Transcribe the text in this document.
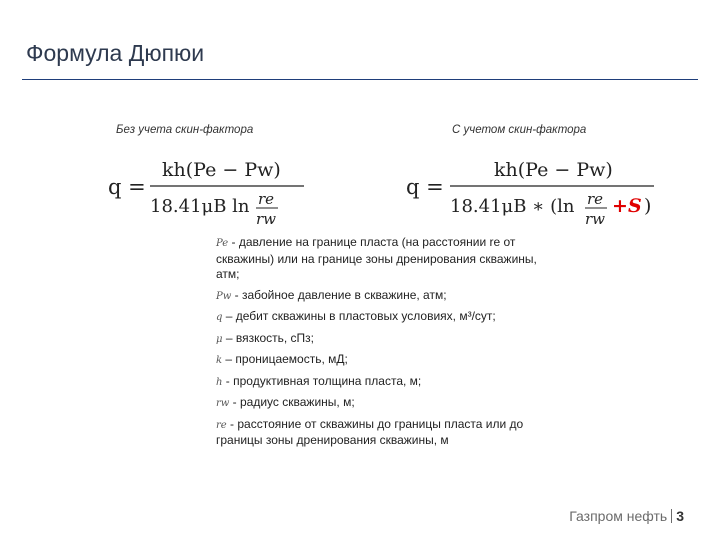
Формула Дюпюи
Без учета скин-фактора	С учетом скин-фактора
q =
kh(Pe − Pw)
18.41μB ln re
rw
q =
kh(Pe − Pw)
18.41μB ∗ (ln re
rw
+ S )
Pe - давление на границе пласта (на расстоянии re от скважины) или на границе зоны дренирования скважины, атм;
Pw - забойное давление в скважине, атм;
q – дебит скважины в пластовых условиях, м³/сут;
μ – вязкость, сПз;
k – проницаемость, мД;
h - продуктивная толщина пласта, м;
rw - радиус скважины, м;
re - расстояние от скважины до границы пласта или до границы зоны дренирования скважины, м
Газпром нефть 3
